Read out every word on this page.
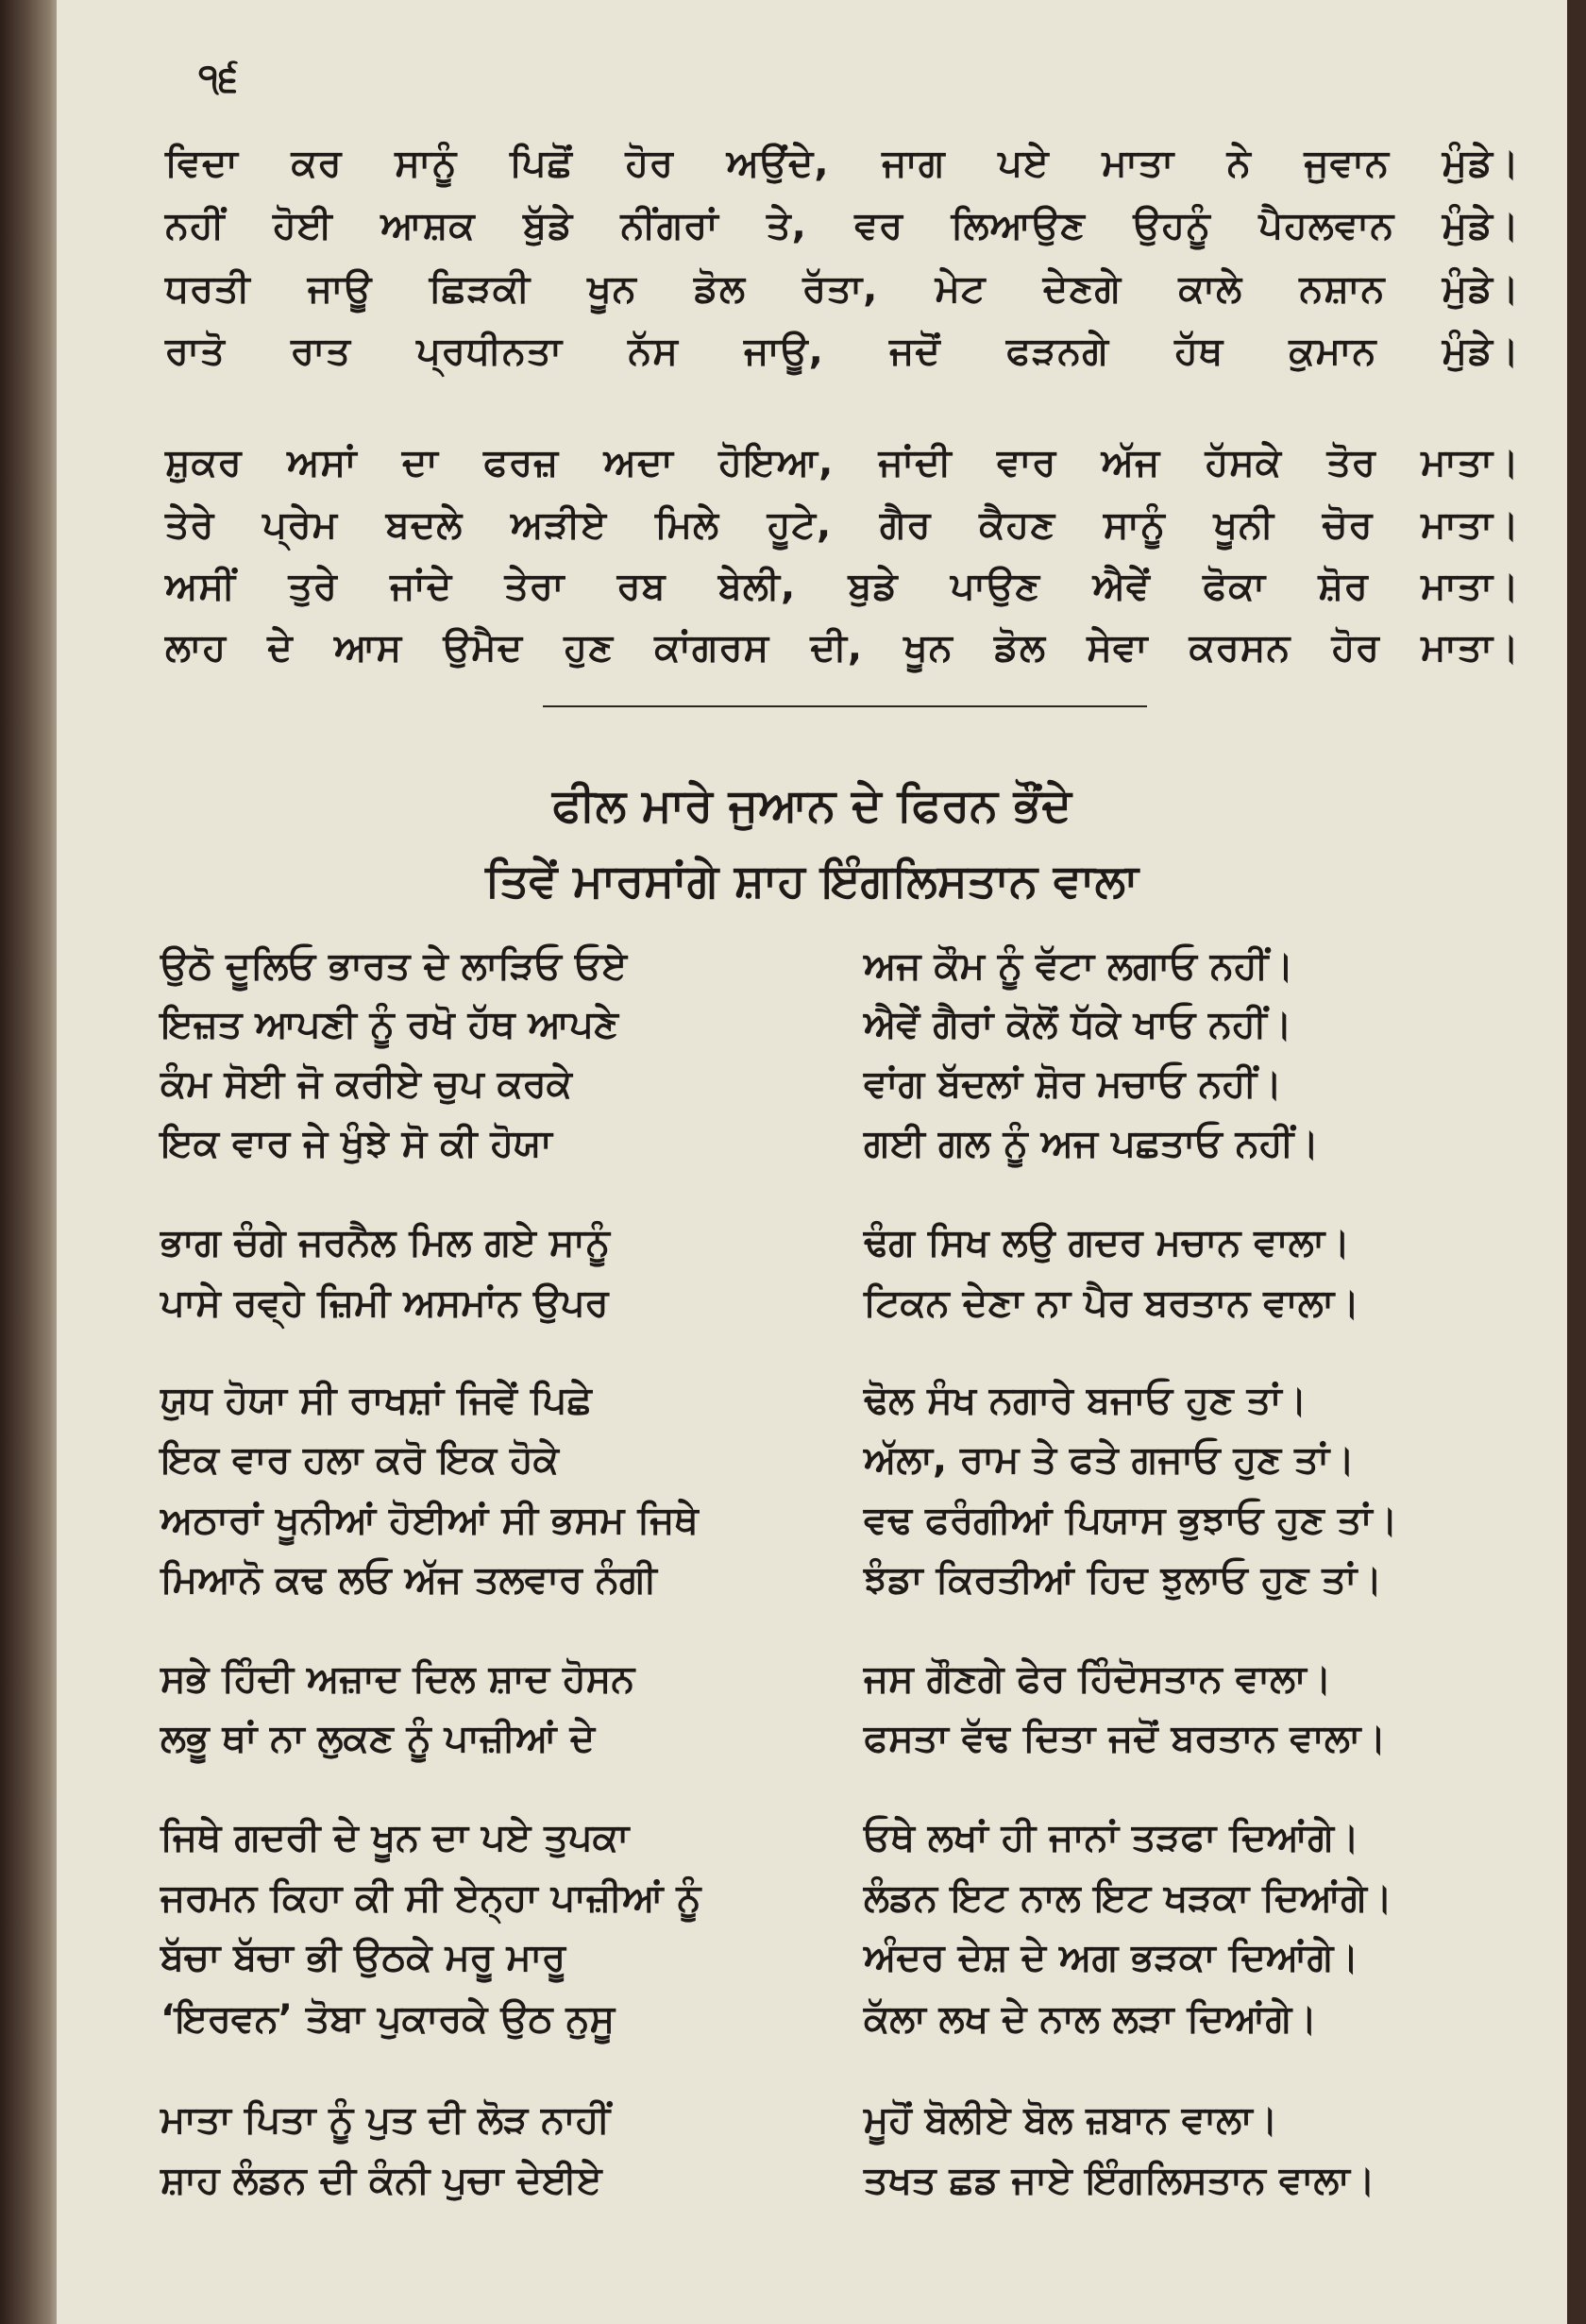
੧੬
ਵਿਦਾ ਕਰ ਸਾਨੂੰ ਪਿਛੋਂ ਹੋਰ ਅਉਂਦੇ, ਜਾਗ ਪਏ ਮਾਤਾ ਨੇ ਜੁਵਾਨ ਮੁੰਡੇ।
ਨਹੀਂ ਹੋਈ ਆਸ਼ਕ ਬੁੱਡੇ ਨੀਂਗਰਾਂ ਤੇ, ਵਰ ਲਿਆਉਣ ਉਹਨੂੰ ਪੈਹਲਵਾਨ ਮੁੰਡੇ।
ਧਰਤੀ ਜਾਊ ਛਿੜਕੀ ਖੂਨ ਡੋਲ ਰੱਤਾ, ਮੇਟ ਦੇਣਗੇ ਕਾਲੇ ਨਸ਼ਾਨ ਮੁੰਡੇ।
ਰਾਤੋ ਰਾਤ ਪ੍ਰਧੀਨਤਾ ਨੱਸ ਜਾਊ, ਜਦੋਂ ਫੜਨਗੇ ਹੱਥ ਕੁਮਾਨ ਮੁੰਡੇ।
ਸ਼ੁਕਰ ਅਸਾਂ ਦਾ ਫਰਜ਼ ਅਦਾ ਹੋਇਆ, ਜਾਂਦੀ ਵਾਰ ਅੱਜ ਹੱਸਕੇ ਤੋਰ ਮਾਤਾ।
ਤੇਰੇ ਪ੍ਰੇਮ ਬਦਲੇ ਅੜੀਏ ਮਿਲੇ ਹੂਟੇ, ਗੈਰ ਕੈਹਣ ਸਾਨੂੰ ਖੂਨੀ ਚੋਰ ਮਾਤਾ।
ਅਸੀਂ ਤੁਰੇ ਜਾਂਦੇ ਤੇਰਾ ਰਬ ਬੇਲੀ, ਬੁਡੇ ਪਾਉਣ ਐਵੇਂ ਫੋਕਾ ਸ਼ੋਰ ਮਾਤਾ।
ਲਾਹ ਦੇ ਆਸ ਉਮੈਦ ਹੁਣ ਕਾਂਗਰਸ ਦੀ, ਖੂਨ ਡੋਲ ਸੇਵਾ ਕਰਸਨ ਹੋਰ ਮਾਤਾ।
ਫੀਲ ਮਾਰੇ ਜੁਆਨ ਦੇ ਫਿਰਨ ਭੌਂਦੇ
ਤਿਵੇਂ ਮਾਰਸਾਂਗੇ ਸ਼ਾਹ ਇੰਗਲਿਸਤਾਨ ਵਾਲਾ
ਉਠੋ ਦੂਲਿਓ ਭਾਰਤ ਦੇ ਲਾੜਿਓ ਓਏ	ਅਜ ਕੌਮ ਨੂੰ ਵੱਟਾ ਲਗਾਓ ਨਹੀਂ।
ਇਜ਼ਤ ਆਪਣੀ ਨੂੰ ਰਖੋ ਹੱਥ ਆਪਣੇ	ਐਵੇਂ ਗੈਰਾਂ ਕੋਲੋਂ ਧੱਕੇ ਖਾਓ ਨਹੀਂ।
ਕੰਮ ਸੋਈ ਜੋ ਕਰੀਏ ਚੁਪ ਕਰਕੇ	ਵਾਂਗ ਬੱਦਲਾਂ ਸ਼ੋਰ ਮਚਾਓ ਨਹੀਂ।
ਇਕ ਵਾਰ ਜੇ ਖੁੰਝੇ ਸੋ ਕੀ ਹੋਯਾ	ਗਈ ਗਲ ਨੂੰ ਅਜ ਪਛਤਾਓ ਨਹੀਂ।
ਭਾਗ ਚੰਗੇ ਜਰਨੈਲ ਮਿਲ ਗਏ ਸਾਨੂੰ	ਢੰਗ ਸਿਖ ਲਉ ਗਦਰ ਮਚਾਨ ਵਾਲਾ।
ਪਾਸੇ ਰਵ੍ਹੇ ਜ਼ਿਮੀ ਅਸਮਾਂਨ ਉਪਰ	ਟਿਕਨ ਦੇਣਾ ਨਾ ਪੈਰ ਬਰਤਾਨ ਵਾਲਾ।
ਯੁਧ ਹੋਯਾ ਸੀ ਰਾਖਸ਼ਾਂ ਜਿਵੇਂ ਪਿਛੇ	ਢੋਲ ਸੰਖ ਨਗਾਰੇ ਬਜਾਓ ਹੁਣ ਤਾਂ।
ਇਕ ਵਾਰ ਹਲਾ ਕਰੋ ਇਕ ਹੋਕੇ	ਅੱਲਾ, ਰਾਮ ਤੇ ਫਤੇ ਗਜਾਓ ਹੁਣ ਤਾਂ।
ਅਠਾਰਾਂ ਖੂਨੀਆਂ ਹੋਈਆਂ ਸੀ ਭਸਮ ਜਿਥੇ	ਵਢ ਫਰੰਗੀਆਂ ਪਿਯਾਸ ਭੁਝਾਓ ਹੁਣ ਤਾਂ।
ਮਿਆਨੋ ਕਢ ਲਓ ਅੱਜ ਤਲਵਾਰ ਨੰਗੀ	ਝੰਡਾ ਕਿਰਤੀਆਂ ਹਿਦ ਝੁਲਾਓ ਹੁਣ ਤਾਂ।
ਸਭੇ ਹਿੰਦੀ ਅਜ਼ਾਦ ਦਿਲ ਸ਼ਾਦ ਹੋਸਨ	ਜਸ ਗੌਣਗੇ ਫੇਰ ਹਿੰਦੋਸਤਾਨ ਵਾਲਾ।
ਲਭੂ ਥਾਂ ਨਾ ਲੁਕਣ ਨੂੰ ਪਾਜ਼ੀਆਂ ਦੇ	ਫਸਤਾ ਵੱਢ ਦਿਤਾ ਜਦੋਂ ਬਰਤਾਨ ਵਾਲਾ।
ਜਿਥੇ ਗਦਰੀ ਦੇ ਖੂਨ ਦਾ ਪਏ ਤੁਪਕਾ	ਓਥੇ ਲਖਾਂ ਹੀ ਜਾਨਾਂ ਤੜਫਾ ਦਿਆਂਗੇ।
ਜਰਮਨ ਕਿਹਾ ਕੀ ਸੀ ਏਨ੍ਹਾ ਪਾਜ਼ੀਆਂ ਨੂੰ	ਲੰਡਨ ਇਟ ਨਾਲ ਇਟ ਖੜਕਾ ਦਿਆਂਗੇ।
ਬੱਚਾ ਬੱਚਾ ਭੀ ਉਠਕੇ ਮਰੂ ਮਾਰੂ	ਅੰਦਰ ਦੇਸ਼ ਦੇ ਅਗ ਭੜਕਾ ਦਿਆਂਗੇ।
‘ਇਰਵਨ’ ਤੋਬਾ ਪੁਕਾਰਕੇ ਉਠ ਨੁਸੂ	ਕੱਲਾ ਲਖ ਦੇ ਨਾਲ ਲੜਾ ਦਿਆਂਗੇ।
ਮਾਤਾ ਪਿਤਾ ਨੂੰ ਪੁਤ ਦੀ ਲੋੜ ਨਾਹੀਂ	ਮੂਹੋਂ ਬੋਲੀਏ ਬੋਲ ਜ਼ਬਾਨ ਵਾਲਾ।
ਸ਼ਾਹ ਲੰਡਨ ਦੀ ਕੰਨੀ ਪੁਚਾ ਦੇਈਏ	ਤਖਤ ਛਡ ਜਾਏ ਇੰਗਲਿਸਤਾਨ ਵਾਲਾ।
